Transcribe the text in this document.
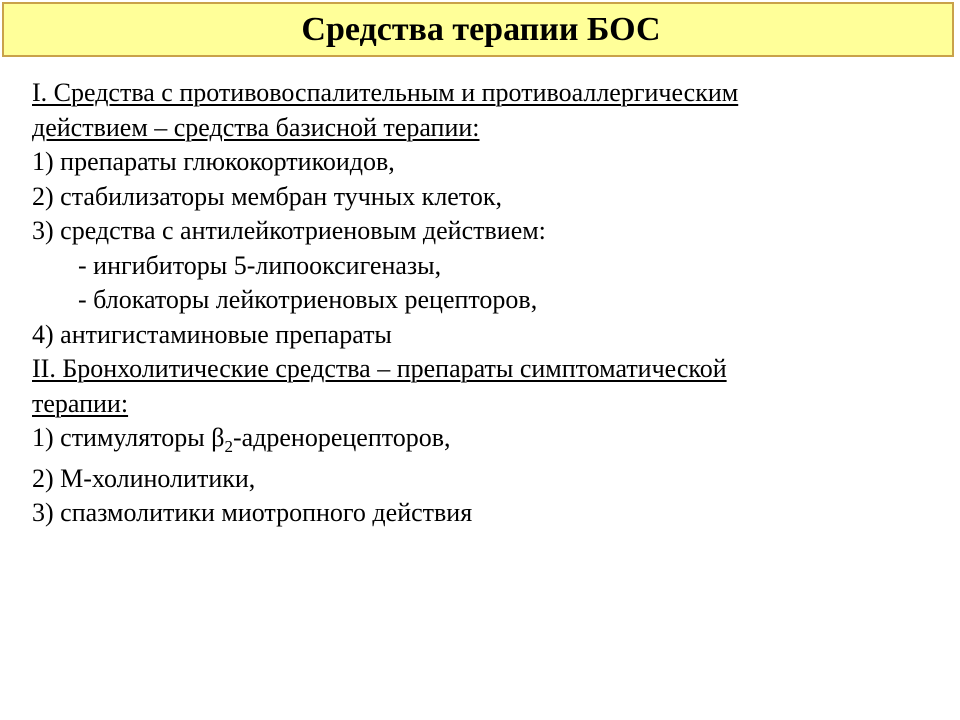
Средства терапии БОС
I. Средства с противовоспалительным и противоаллергическим
действием – средства базисной терапии:
1) препараты глюкокортикоидов,
2) стабилизаторы мембран тучных клеток,
3) средства с антилейкотриеновым действием:
- ингибиторы 5-липооксигеназы,
- блокаторы лейкотриеновых рецепторов,
4) антигистаминовые препараты
II. Бронхолитические средства – препараты симптоматической
терапии:
1) стимуляторы $\beta_2$-адренорецепторов,
2) М-холинолитики,
3) спазмолитики миотропного действия
